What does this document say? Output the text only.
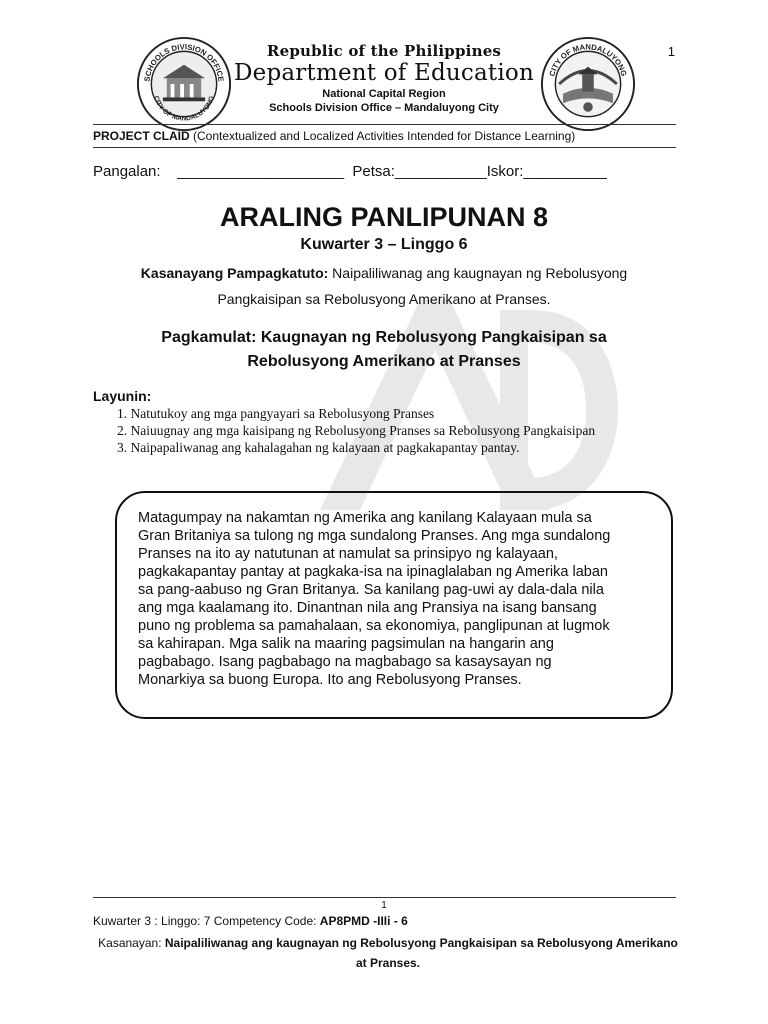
SCHOOLS DIVISION OFFICE
CITY OF MANDALUYONG
CITY OF MANDALUYONG
1
Republic of the Philippines
Department of Education
National Capital Region
Schools Division Office – Mandaluyong City
PROJECT CLAID (Contextualized and Localized Activities Intended for Distance Learning)
Pangalan:    ____________________  Petsa:___________Iskor:__________
ARALING PANLIPUNAN 8
Kuwarter 3 – Linggo 6
Kasanayang Pampagkatuto: Naipaliliwanag ang kaugnayan ng Rebolusyong
Pangkaisipan sa Rebolusyong Amerikano at Pranses.
Pagkamulat: Kaugnayan ng Rebolusyong Pangkaisipan sa
Rebolusyong Amerikano at Pranses
Layunin:
1. Natutukoy ang mga pangyayari sa Rebolusyong Pranses
2. Naiuugnay ang mga kaisipang ng Rebolusyong Pranses sa Rebolusyong Pangkaisipan
3. Naipapaliwanag ang kahalagahan ng kalayaan at pagkakapantay pantay.
Matagumpay na nakamtan ng Amerika ang kanilang Kalayaan mula sa
Gran Britaniya sa tulong ng mga sundalong Pranses. Ang mga sundalong
Pranses na ito ay natutunan at namulat sa prinsipyo ng kalayaan,
pagkakapantay pantay at pagkaka-isa na ipinaglalaban ng Amerika laban
sa pang-aabuso ng Gran Britanya. Sa kanilang pag-uwi ay dala-dala nila
ang mga kaalamang ito. Dinantnan nila ang Pransiya na isang bansang
puno ng problema sa pamahalaan, sa ekonomiya, panglipunan at lugmok
sa kahirapan. Mga salik na maaring pagsimulan na hangarin ang
pagbabago. Isang pagbabago na magbabago sa kasaysayan ng
Monarkiya sa buong Europa. Ito ang Rebolusyong Pranses.
1
Kuwarter 3 : Linggo: 7 Competency Code: AP8PMD -IIIi - 6
Kasanayan: Naipaliliwanag ang kaugnayan ng Rebolusyong Pangkaisipan sa Rebolusyong Amerikano at Pranses.
